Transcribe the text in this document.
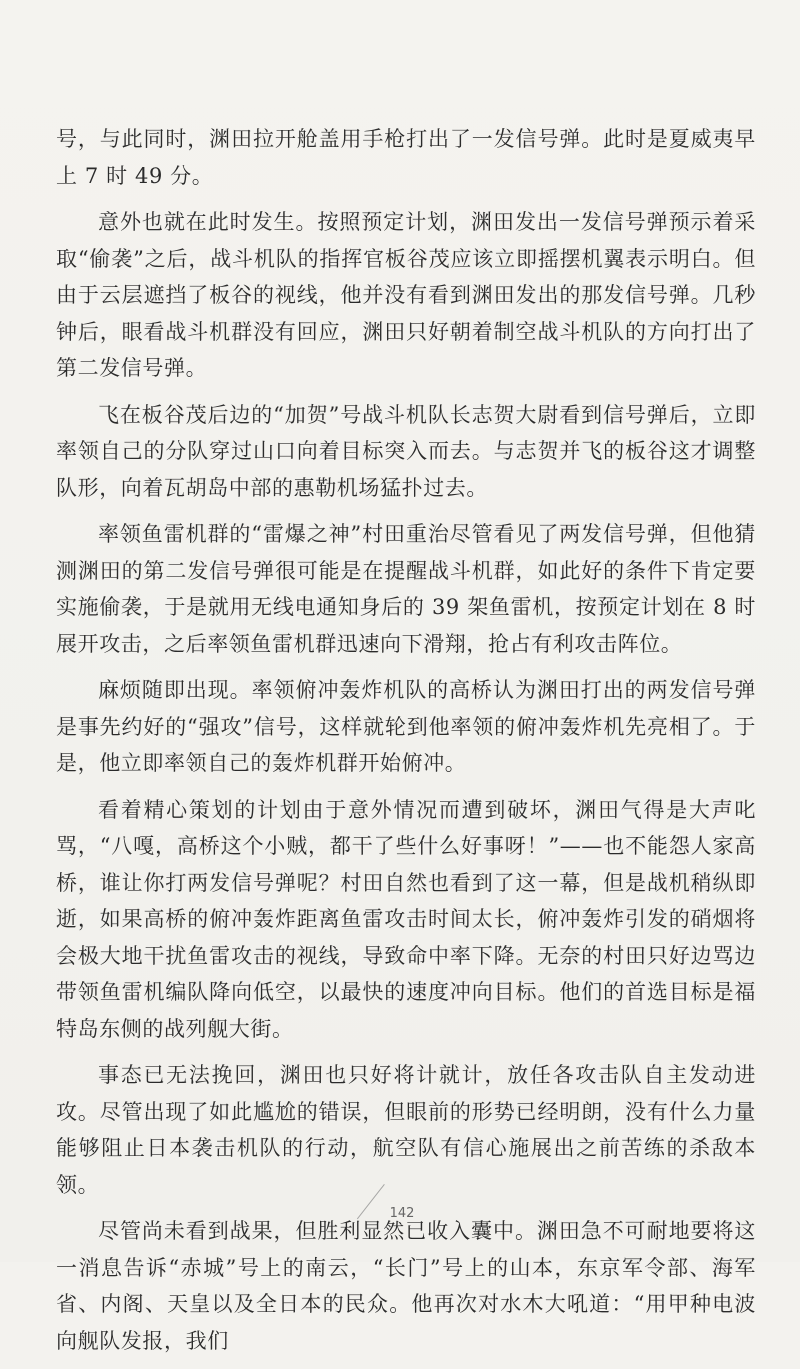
号，与此同时，渊田拉开舱盖用手枪打出了一发信号弹。此时是夏威夷早上 7 时 49 分。

意外也就在此时发生。按照预定计划，渊田发出一发信号弹预示着采取“偷袭”之后，战斗机队的指挥官板谷茂应该立即摇摆机翼表示明白。但由于云层遮挡了板谷的视线，他并没有看到渊田发出的那发信号弹。几秒钟后，眼看战斗机群没有回应，渊田只好朝着制空战斗机队的方向打出了第二发信号弹。

飞在板谷茂后边的“加贺”号战斗机队长志贺大尉看到信号弹后，立即率领自己的分队穿过山口向着目标突入而去。与志贺并飞的板谷这才调整队形，向着瓦胡岛中部的惠勒机场猛扑过去。

率领鱼雷机群的“雷爆之神”村田重治尽管看见了两发信号弹，但他猜测渊田的第二发信号弹很可能是在提醒战斗机群，如此好的条件下肯定要实施偷袭，于是就用无线电通知身后的 39 架鱼雷机，按预定计划在 8 时展开攻击，之后率领鱼雷机群迅速向下滑翔，抢占有利攻击阵位。

麻烦随即出现。率领俯冲轰炸机队的高桥认为渊田打出的两发信号弹是事先约好的“强攻”信号，这样就轮到他率领的俯冲轰炸机先亮相了。于是，他立即率领自己的轰炸机群开始俯冲。

看着精心策划的计划由于意外情况而遭到破坏，渊田气得是大声叱骂，“八嘎，高桥这个小贼，都干了些什么好事呀！”——也不能怨人家高桥，谁让你打两发信号弹呢？村田自然也看到了这一幕，但是战机稍纵即逝，如果高桥的俯冲轰炸距离鱼雷攻击时间太长，俯冲轰炸引发的硝烟将会极大地干扰鱼雷攻击的视线，导致命中率下降。无奈的村田只好边骂边带领鱼雷机编队降向低空，以最快的速度冲向目标。他们的首选目标是福特岛东侧的战列舰大街。

事态已无法挽回，渊田也只好将计就计，放任各攻击队自主发动进攻。尽管出现了如此尴尬的错误，但眼前的形势已经明朗，没有什么力量能够阻止日本袭击机队的行动，航空队有信心施展出之前苦练的杀敌本领。

尽管尚未看到战果，但胜利显然已收入囊中。渊田急不可耐地要将这一消息告诉“赤城”号上的南云，“长门”号上的山本，东京军令部、海军省、内阁、天皇以及全日本的民众。他再次对水木大吼道：“用甲种电波向舰队发报，我们

142
